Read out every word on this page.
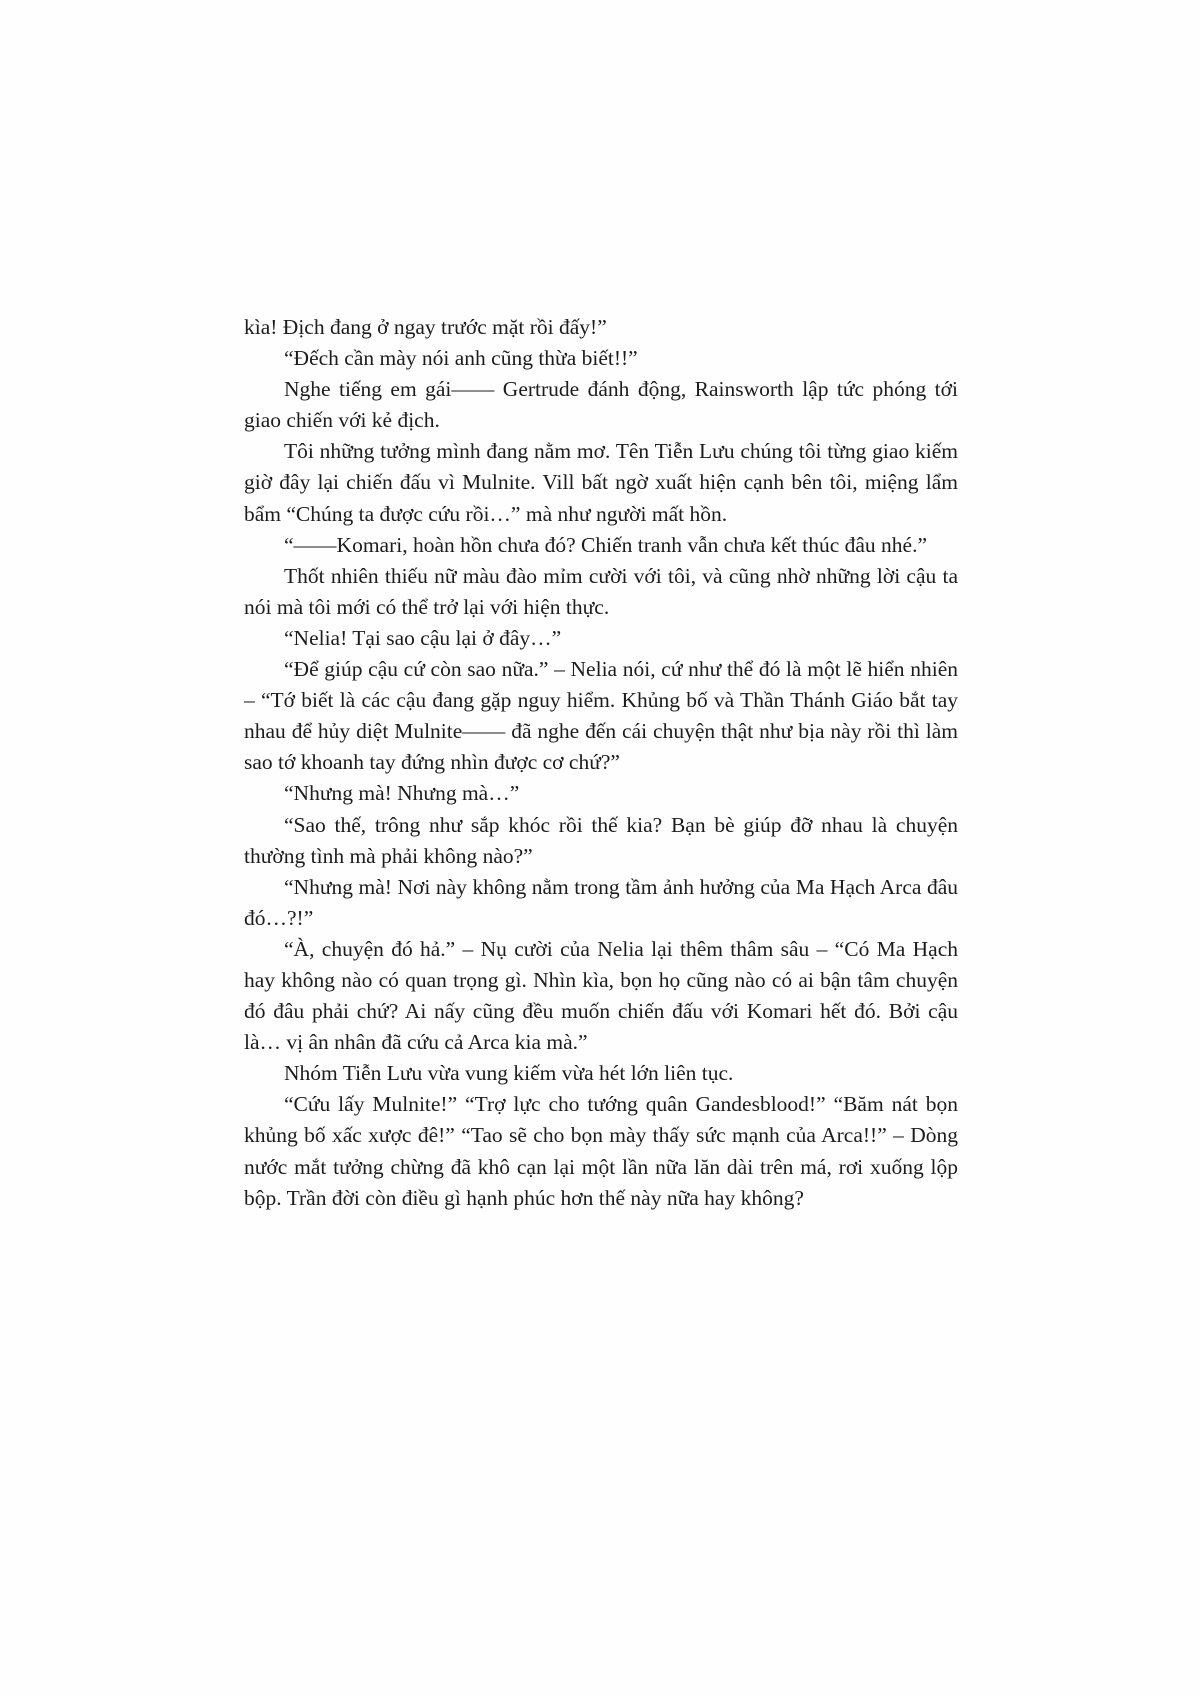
kìa! Địch đang ở ngay trước mặt rồi đấy!”

“Đếch cần mày nói anh cũng thừa biết!!”

Nghe tiếng em gái—— Gertrude đánh động, Rainsworth lập tức phóng tới giao chiến với kẻ địch.

Tôi những tưởng mình đang nằm mơ. Tên Tiễn Lưu chúng tôi từng giao kiếm giờ đây lại chiến đấu vì Mulnite. Vill bất ngờ xuất hiện cạnh bên tôi, miệng lẩm bẩm “Chúng ta được cứu rồi…” mà như người mất hồn.

“——Komari, hoàn hồn chưa đó? Chiến tranh vẫn chưa kết thúc đâu nhé.”

Thốt nhiên thiếu nữ màu đào mỉm cười với tôi, và cũng nhờ những lời cậu ta nói mà tôi mới có thể trở lại với hiện thực.

“Nelia! Tại sao cậu lại ở đây…”

“Để giúp cậu cứ còn sao nữa.” – Nelia nói, cứ như thể đó là một lẽ hiển nhiên – “Tớ biết là các cậu đang gặp nguy hiểm. Khủng bố và Thần Thánh Giáo bắt tay nhau để hủy diệt Mulnite—— đã nghe đến cái chuyện thật như bịa này rồi thì làm sao tớ khoanh tay đứng nhìn được cơ chứ?”

“Nhưng mà! Nhưng mà…”

“Sao thế, trông như sắp khóc rồi thế kia? Bạn bè giúp đỡ nhau là chuyện thường tình mà phải không nào?”

“Nhưng mà! Nơi này không nằm trong tầm ảnh hưởng của Ma Hạch Arca đâu đó…?!”

“À, chuyện đó hả.” – Nụ cười của Nelia lại thêm thâm sâu – “Có Ma Hạch hay không nào có quan trọng gì. Nhìn kìa, bọn họ cũng nào có ai bận tâm chuyện đó đâu phải chứ? Ai nấy cũng đều muốn chiến đấu với Komari hết đó. Bởi cậu là… vị ân nhân đã cứu cả Arca kia mà.”

Nhóm Tiễn Lưu vừa vung kiếm vừa hét lớn liên tục.

“Cứu lấy Mulnite!” “Trợ lực cho tướng quân Gandesblood!” “Băm nát bọn khủng bố xấc xược đê!” “Tao sẽ cho bọn mày thấy sức mạnh của Arca!!” – Dòng nước mắt tưởng chừng đã khô cạn lại một lần nữa lăn dài trên má, rơi xuống lộp bộp. Trần đời còn điều gì hạnh phúc hơn thế này nữa hay không?
